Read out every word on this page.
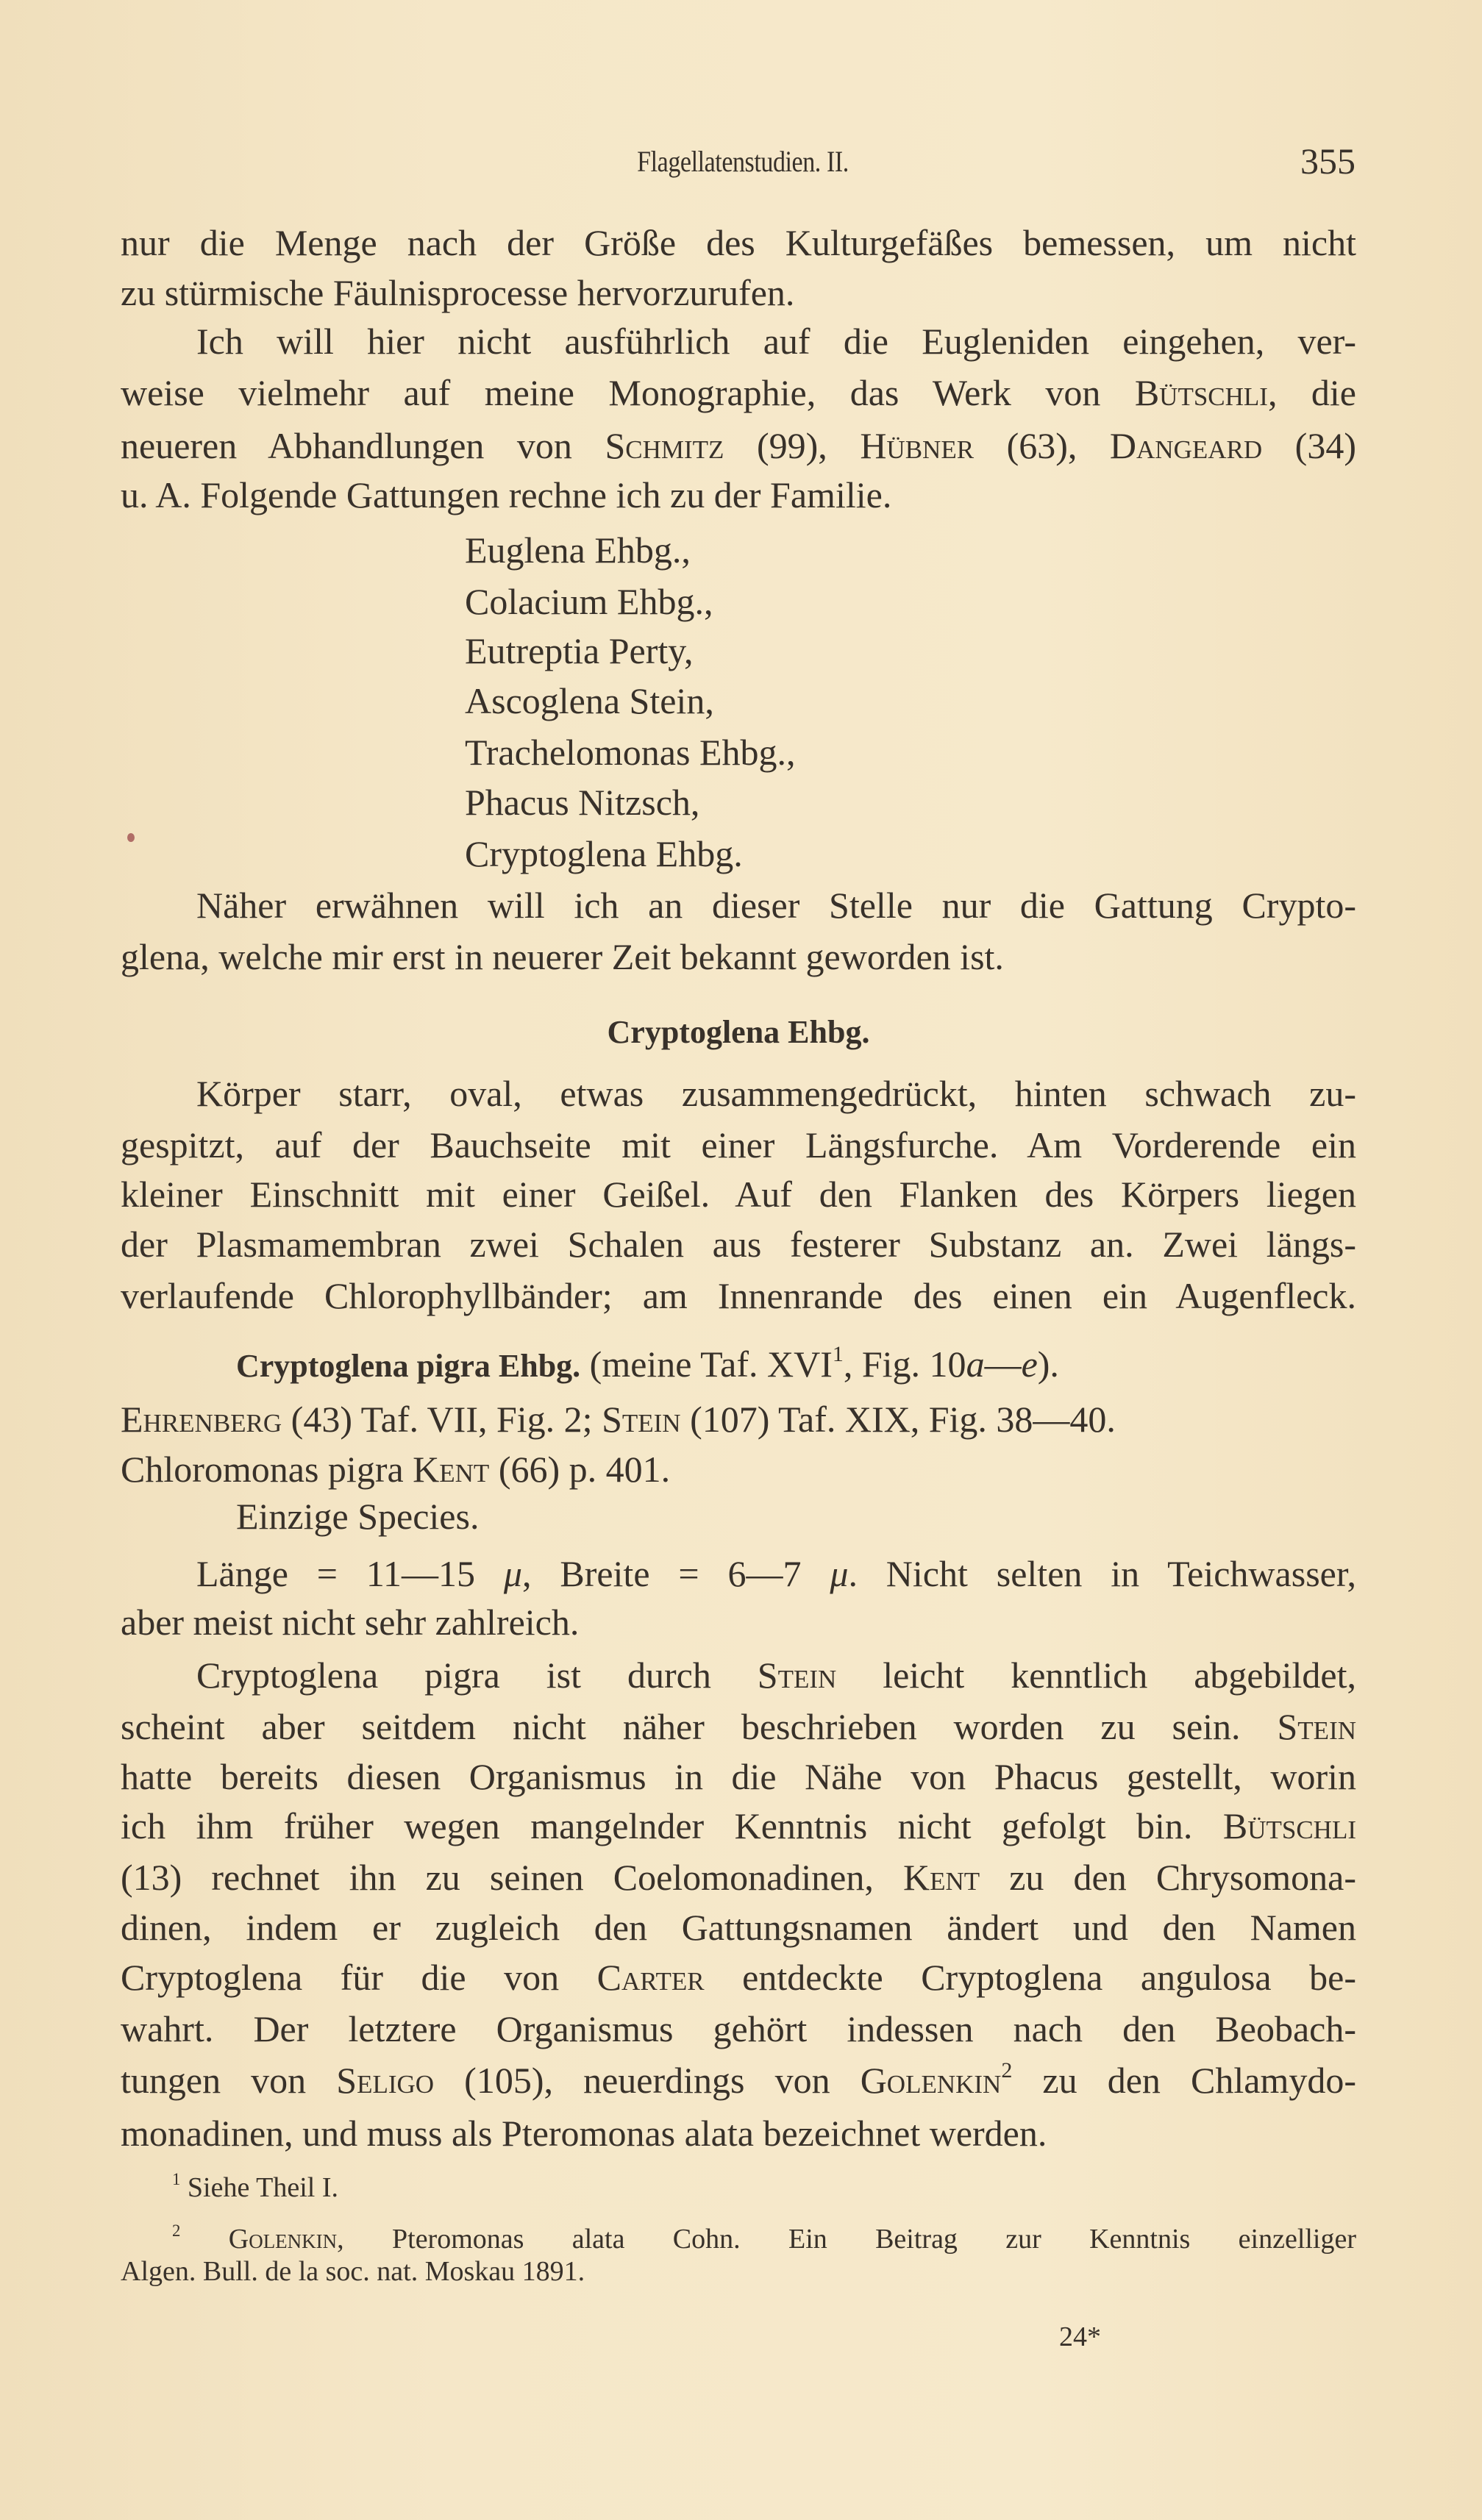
Flagellatenstudien. II.	355
nur die Menge nach der Größe des Kulturgefäßes bemessen, um nicht
zu stürmische Fäulnisprocesse hervorzurufen.
Ich will hier nicht ausführlich auf die Eugleniden eingehen, ver-
weise vielmehr auf meine Monographie, das Werk von Bütschli, die
neueren Abhandlungen von Schmitz (99), Hübner (63), Dangeard (34)
u. A. Folgende Gattungen rechne ich zu der Familie.
Euglena Ehbg.,
Colacium Ehbg.,
Eutreptia Perty,
Ascoglena Stein,
Trachelomonas Ehbg.,
Phacus Nitzsch,
Cryptoglena Ehbg.
Näher erwähnen will ich an dieser Stelle nur die Gattung Crypto-
glena, welche mir erst in neuerer Zeit bekannt geworden ist.
Cryptoglena Ehbg.
Körper starr, oval, etwas zusammengedrückt, hinten schwach zu-
gespitzt, auf der Bauchseite mit einer Längsfurche. Am Vorderende ein
kleiner Einschnitt mit einer Geißel. Auf den Flanken des Körpers liegen
der Plasmamembran zwei Schalen aus festerer Substanz an. Zwei längs-
verlaufende Chlorophyllbänder; am Innenrande des einen ein Augenfleck.
Cryptoglena pigra Ehbg. (meine Taf. XVI$^1$, Fig. 10a—e).
Ehrenberg (43) Taf. VII, Fig. 2; Stein (107) Taf. XIX, Fig. 38—40.
Chloromonas pigra Kent (66) p. 401.
Einzige Species.
Länge = 11—15 μ, Breite = 6—7 μ. Nicht selten in Teichwasser,
aber meist nicht sehr zahlreich.
Cryptoglena pigra ist durch Stein leicht kenntlich abgebildet,
scheint aber seitdem nicht näher beschrieben worden zu sein. Stein
hatte bereits diesen Organismus in die Nähe von Phacus gestellt, worin
ich ihm früher wegen mangelnder Kenntnis nicht gefolgt bin. Bütschli
(13) rechnet ihn zu seinen Coelomonadinen, Kent zu den Chrysomona-
dinen, indem er zugleich den Gattungsnamen ändert und den Namen
Cryptoglena für die von Carter entdeckte Cryptoglena angulosa be-
wahrt. Der letztere Organismus gehört indessen nach den Beobach-
tungen von Seligo (105), neuerdings von Golenkin$^2$ zu den Chlamydo-
monadinen, und muss als Pteromonas alata bezeichnet werden.
$^1$ Siehe Theil I.
$^2$ Golenkin, Pteromonas alata Cohn. Ein Beitrag zur Kenntnis einzelliger
Algen. Bull. de la soc. nat. Moskau 1891.
24*
